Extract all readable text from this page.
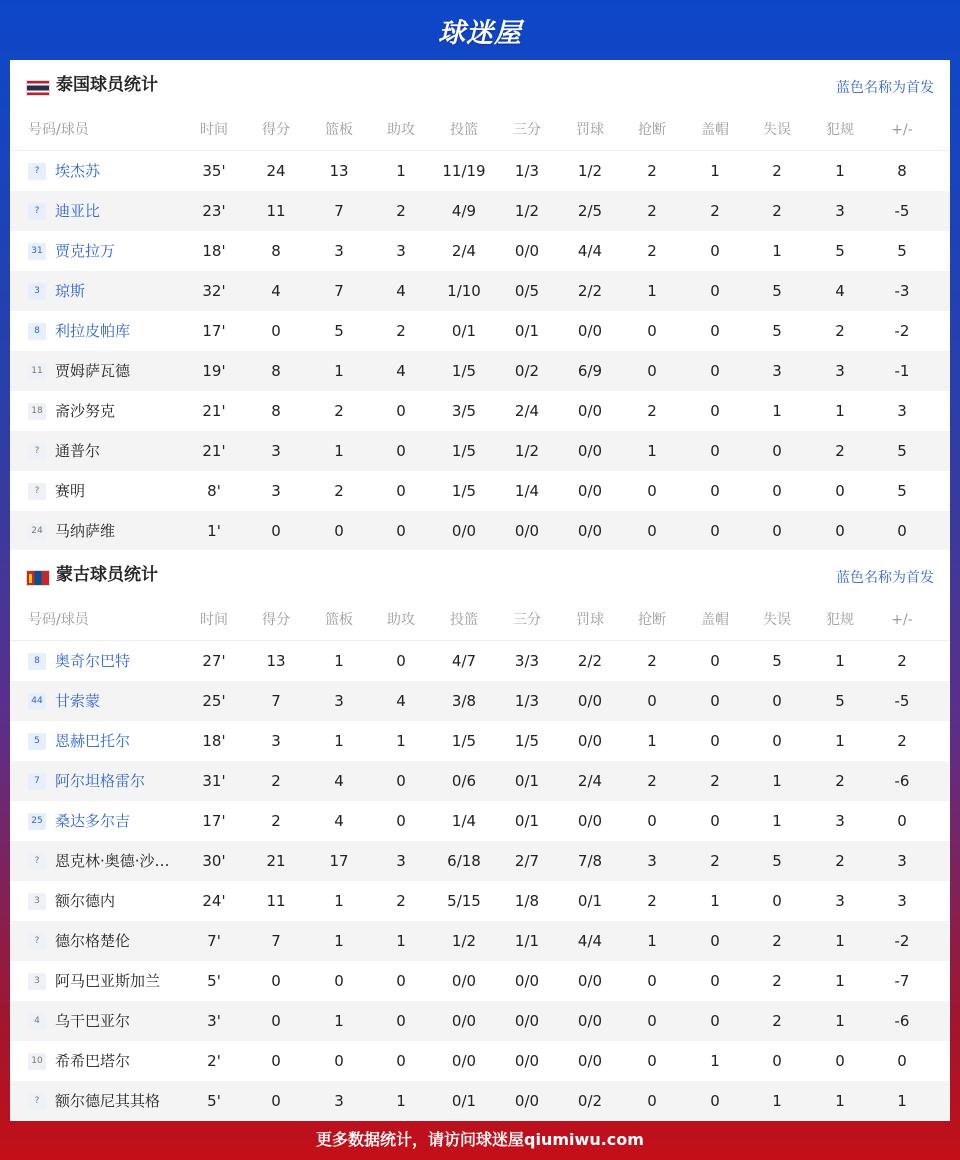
球迷屋
泰国球员统计	蓝色名称为首发
号码/球员	时间	得分	篮板	助攻	投篮	三分	罚球	抢断	盖帽	失误	犯规	+/-
?	埃杰苏	35'	24	13	1	11/19	1/3	1/2	2	1	2	1	8
?	迪亚比	23'	11	7	2	4/9	1/2	2/5	2	2	2	3	-5
31 贾克拉万	18'	8	3	3	2/4	0/0	4/4	2	0	1	5	5
3	琼斯	32'	4	7	4	1/10	0/5	2/2	1	0	5	4	-3
8	利拉皮帕库	17'	0	5	2	0/1	0/1	0/0	0	0	5	2	-2
11 贾姆萨瓦德	19'	8	1	4	1/5	0/2	6/9	0	0	3	3	-1
18 斋沙努克	21'	8	2	0	3/5	2/4	0/0	2	0	1	1	3
?	通普尔	21'	3	1	0	1/5	1/2	0/0	1	0	0	2	5
?	赛明	8'	3	2	0	1/5	1/4	0/0	0	0	0	0	5
24 马纳萨维	1'	0	0	0	0/0	0/0	0/0	0	0	0	0	0
蒙古球员统计	蓝色名称为首发
号码/球员	时间	得分	篮板	助攻	投篮	三分	罚球	抢断	盖帽	失误	犯规	+/-
8	奥奇尔巴特	27'	13	1	0	4/7	3/3	2/2	2	0	5	1	2
44 甘索蒙	25'	7	3	4	3/8	1/3	0/0	0	0	0	5	-5
5	恩赫巴托尔	18'	3	1	1	1/5	1/5	0/0	1	0	0	1	2
7	阿尔坦格雷尔	31'	2	4	0	0/6	0/1	2/4	2	2	1	2	-6
25 桑达多尔吉	17'	2	4	0	1/4	0/1	0/0	0	0	1	3	0
?	恩克林·奥德·沙…	30'	21	17	3	6/18	2/7	7/8	3	2	5	2	3
3	额尔德内	24'	11	1	2	5/15	1/8	0/1	2	1	0	3	3
?	德尔格楚伦	7'	7	1	1	1/2	1/1	4/4	1	0	2	1	-2
3	阿马巴亚斯加兰	5'	0	0	0	0/0	0/0	0/0	0	0	2	1	-7
4	乌干巴亚尔	3'	0	1	0	0/0	0/0	0/0	0	0	2	1	-6
10 希希巴塔尔	2'	0	0	0	0/0	0/0	0/0	0	1	0	0	0
?	额尔德尼其其格	5'	0	3	1	0/1	0/0	0/2	0	0	1	1	1
更多数据统计，请访问球迷屋qiumiwu.com
